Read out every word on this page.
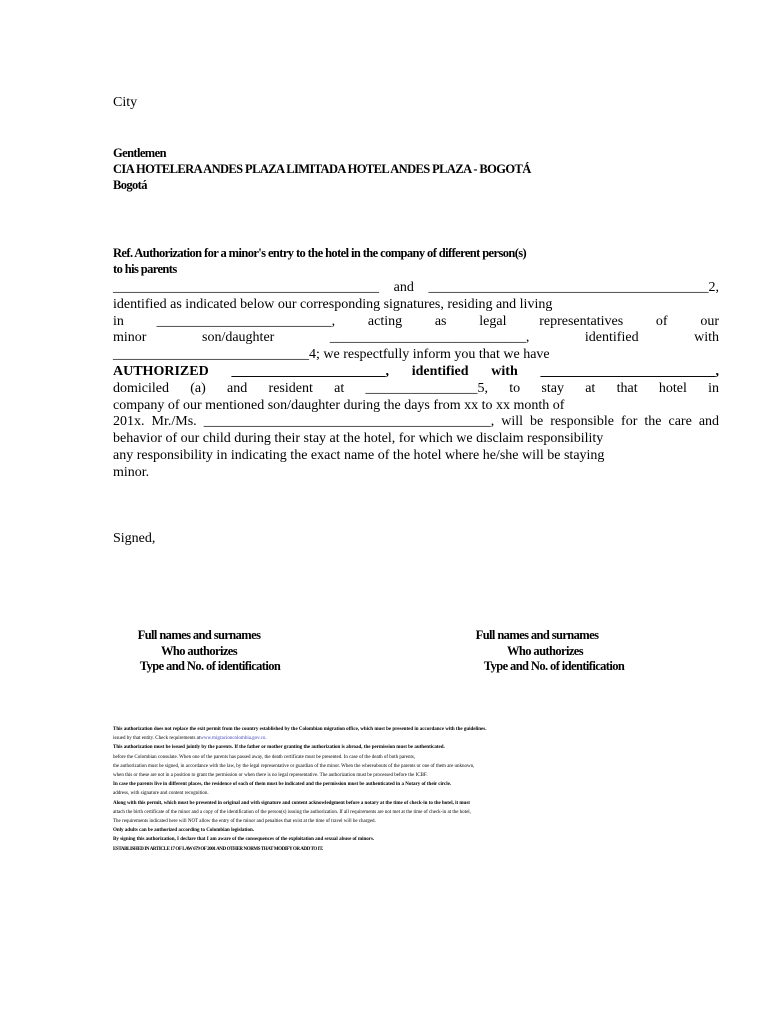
City
Gentlemen
CIA HOTELERA ANDES PLAZA LIMITADA HOTEL ANDES PLAZA - BOGOTÁ
Bogotá
Ref. Authorization for a minor's entry to the hotel in the company of different person(s)
to his parents
______________________________________ and ________________________________________2,
identified as indicated below our corresponding signatures, residing and living
in _________________________, acting as legal representatives of our
minor	son/daughter	____________________________,	identified	with
____________________________4; we respectfully inform you that we have
AUTHORIZED ______________________, identified with _________________________,
domiciled (a) and resident at ________________5, to stay at that hotel in
company of our mentioned son/daughter during the days from xx to xx month of
201x. Mr./Ms. _________________________________________, will be responsible for the care and
behavior of our child during their stay at the hotel, for which we disclaim responsibility
any responsibility in indicating the exact name of the hotel where he/she will be staying
minor.
Signed,
Full names and surnames
Who authorizes
Type and No. of identification
Full names and surnames
Who authorizes
Type and No. of identification
This authorization does not replace the exit permit from the country established by the Colombian migration office, which must be presented in accordance with the guidelines.
issued by that entity. Check requirements atwww.migracioncolombia.gov.co.
This authorization must be issued jointly by the parents. If the father or mother granting the authorization is abroad, the permission must be authenticated.
before the Colombian consulate. When one of the parents has passed away, the death certificate must be presented. In case of the death of both parents,
the authorization must be signed, in accordance with the law, by the legal representative or guardian of the minor. When the whereabouts of the parents or one of them are unknown,
when this or these are not in a position to grant the permission or when there is no legal representative. The authorization must be processed before the ICBF.
In case the parents live in different places, the residence of each of them must be indicated and the permission must be authenticated in a Notary of their circle.
address, with signature and content recognition.
Along with this permit, which must be presented in original and with signature and content acknowledgment before a notary at the time of check-in to the hotel, it must
attach the birth certificate of the minor and a copy of the identification of the person(s) issuing the authorization. If all requirements are not met at the time of check-in at the hotel,
The requirements indicated here will NOT allow the entry of the minor and penalties that exist at the time of travel will be charged.
Only adults can be authorized according to Colombian legislation.
By signing this authorization, I declare that I am aware of the consequences of the exploitation and sexual abuse of minors.
ESTABLISHED IN ARTICLE 17 OF LAW 679 OF 2001 AND OTHER NORMS THAT MODIFY OR ADD TO IT.
